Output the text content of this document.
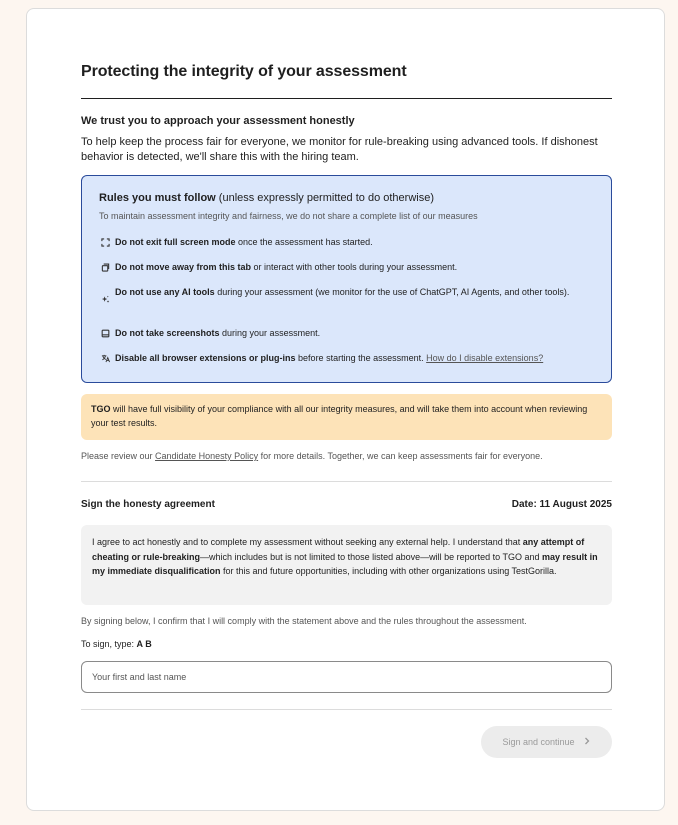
Protecting the integrity of your assessment
We trust you to approach your assessment honestly

To help keep the process fair for everyone, we monitor for rule-breaking using advanced tools. If dishonest behavior is detected, we'll share this with the hiring team.

Rules you must follow (unless expressly permitted to do otherwise)
To maintain assessment integrity and fairness, we do not share a complete list of our measures
Do not exit full screen mode once the assessment has started.
Do not move away from this tab or interact with other tools during your assessment.
Do not use any AI tools during your assessment (we monitor for the use of ChatGPT, AI Agents, and other tools).
Do not take screenshots during your assessment.
Disable all browser extensions or plug-ins before starting the assessment. How do I disable extensions?
TGO will have full visibility of your compliance with all our integrity measures, and will take them into account when reviewing your test results.
Please review our Candidate Honesty Policy for more details. Together, we can keep assessments fair for everyone.
Sign the honesty agreement	Date: 11 August 2025
I agree to act honestly and to complete my assessment without seeking any external help. I understand that any attempt of cheating or rule-breaking—which includes but is not limited to those listed above—will be reported to TGO and may result in my immediate disqualification for this and future opportunities, including with other organizations using TestGorilla.
By signing below, I confirm that I will comply with the statement above and the rules throughout the assessment.
To sign, type: A B
Your first and last name
Sign and continue
